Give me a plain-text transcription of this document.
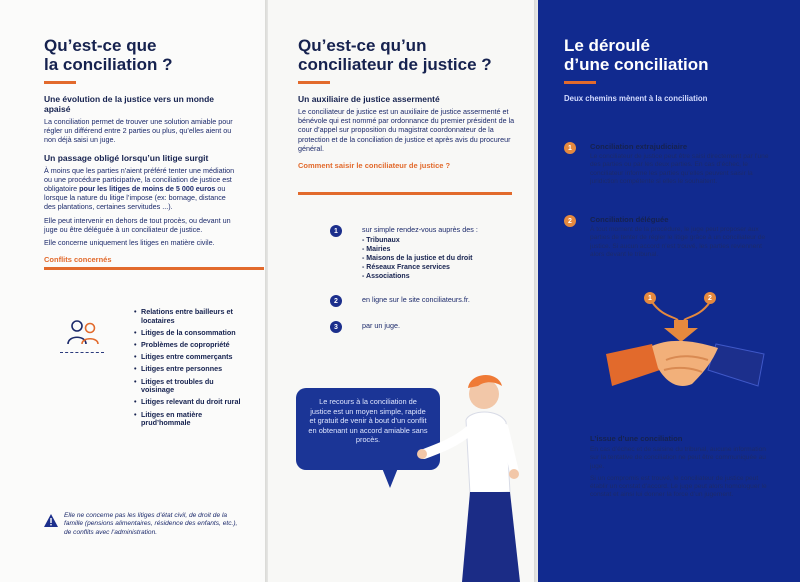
Qu’est-ce que
la conciliation ?
Une évolution de la justice vers un monde apaisé

La conciliation permet de trouver une solution amiable pour régler un différend entre 2 parties ou plus, qu’elles aient ou non déjà saisi un juge.

Un passage obligé lorsqu’un litige surgit

À moins que les parties n’aient préféré tenter une médiation ou une procédure participative, la conciliation de justice est obligatoire pour les litiges de moins de 5 000 euros ou lorsque la nature du litige l’impose (ex: bornage, distance des plantations, certaines servitudes ...).

Elle peut intervenir en dehors de tout procès, ou devant un juge ou être déléguée à un conciliateur de justice.

Elle concerne uniquement les litiges en matière civile.

Conflits concernés
• Relations entre bailleurs et locataires
• Litiges de la consommation
• Problèmes de copropriété
• Litiges entre commerçants
• Litiges entre personnes
• Litiges et troubles du voisinage
• Litiges relevant du droit rural
• Litiges en matière prud’hommale

Elle ne concerne pas les litiges d’état civil, de droit de la famille (pensions alimentaires, résidence des enfants, etc.), de conflits avec l’administration.

Qu’est-ce qu’un
conciliateur de justice ?
Un auxiliaire de justice assermenté

Le conciliateur de justice est un auxiliaire de justice assermenté et bénévole qui est nommé par ordonnance du premier président de la cour d’appel sur proposition du magistrat coordonnateur de la protection et de la conciliation de justice et après avis du procureur général.

Comment saisir le conciliateur de justice ?
1	sur simple rendez-vous auprès des :
- Tribunaux
- Mairies
- Maisons de la justice et du droit
- Réseaux France services
- Associations
2	en ligne sur le site conciliateurs.fr.
3	par un juge.
Le recours à la conciliation de justice est un moyen simple, rapide et gratuit de venir à bout d’un conflit en obtenant un accord amiable sans procès.
Le déroulé
d’une conciliation
Deux chemins mènent à la conciliation
1	Conciliation extrajudiciaire

Le conciliateur de justice peut être saisi directement par l’une des parties ou par les deux parties. En cas d’échec, le conciliateur informe les parties qu’elles peuvent saisir la juridiction compétente si elles le souhaitent.

2	Conciliation déléguée

À tout moment de la procédure, le juge peut proposer aux parties de tenter de régler le litige grâce à un conciliateur de justice. Si aucun accord n’est trouvé, les parties reviennent alors devant le tribunal.

1	2
L’issue d’une conciliation

En cas d’échec et de saisine du tribunal, aucune information sur la tentative de conciliation ne peut être communiquée au juge.

Si un compromis est trouvé, le conciliateur de justice peut établir un constat d’accord. Le juge peut alors homologuer le constat et ainsi lui donner la force d’un jugement.
